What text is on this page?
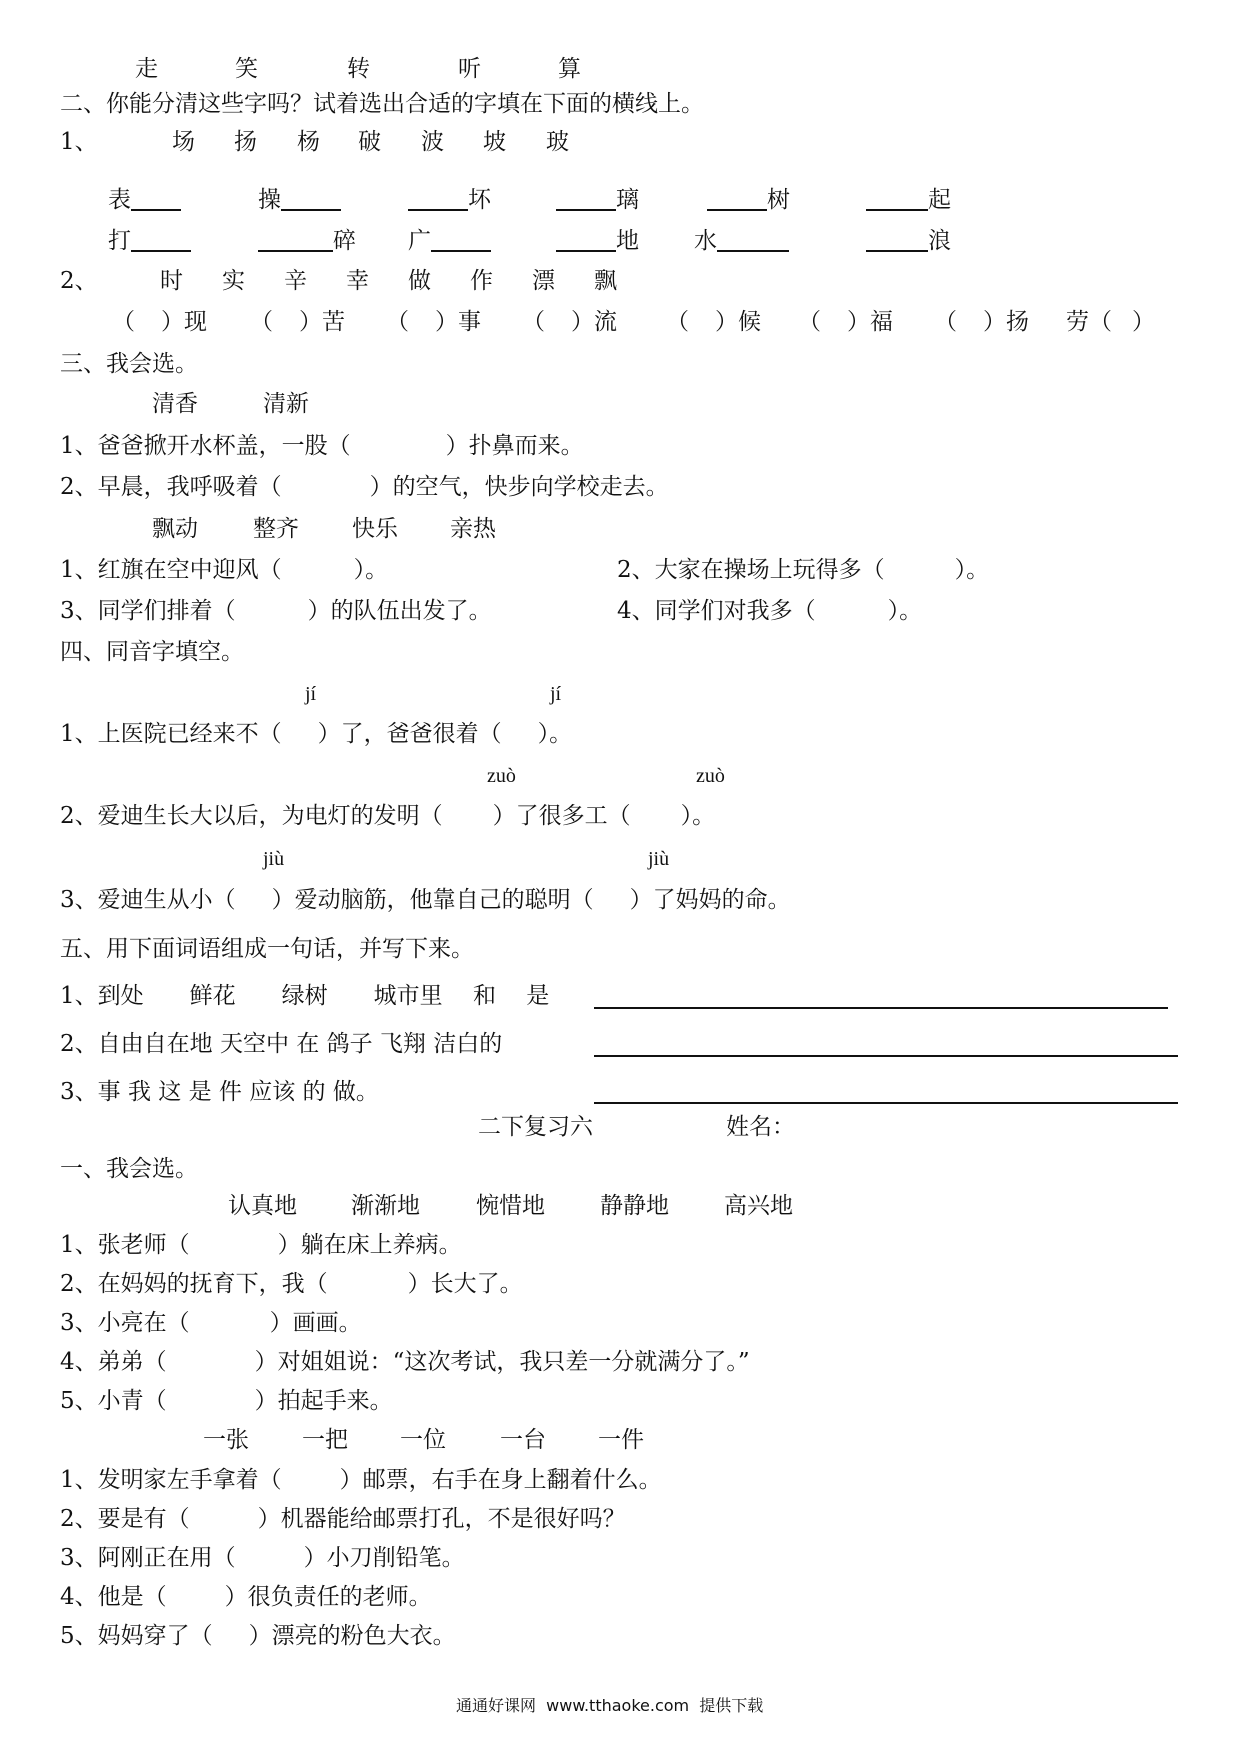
走	笑	转	听	算
二、你能分清这些字吗？试着选出合适的字填在下面的横线上。
1、	场 扬 杨 破 波 坡 玻
表	操	坏	璃	树	起
打	碎 广	地 水	浪
2、	时 实 辛 幸 做 作 漂 飘
（ ）现 （ ）苦 （ ）事 （ ）流 （ ）候 （ ）福 （ ）扬 劳（ ）
三、我会选。
清香	清新
1、爸爸掀开水杯盖，一股（	）扑鼻而来。
2、早晨，我呼吸着（	）的空气，快步向学校走去。
飘动 整齐 快乐 亲热
1、红旗在空中迎风（	）。	2、大家在操场上玩得多（	）。
3、同学们排着（	）的队伍出发了。	4、同学们对我多（	）。
四、同音字填空。
jí	jí
1、上医院已经来不（ ）了，爸爸很着（ ）。
zuò	zuò
2、爱迪生长大以后，为电灯的发明（ ）了很多工（ ）。
jiù	jiù
3、爱迪生从小（ ）爱动脑筋，他靠自己的聪明（ ）了妈妈的命。
五、用下面词语组成一句话，并写下来。
1、到处　　 鲜花　　 绿树　　 城市里　 和　 是
2、自由自在地 天空中 在 鸽子 飞翔 洁白的
3、事 我 这 是 件 应该 的 做。
二下复习六	姓名：
一、我会选。
认真地 渐渐地 惋惜地 静静地 高兴地
1、张老师（	）躺在床上养病。
2、在妈妈的抚育下，我（	）长大了。
3、小亮在（	）画画。
4、弟弟（	）对姐姐说：“这次考试，我只差一分就满分了。”
5、小青（	）拍起手来。
一张 一把 一位 一台 一件
1、发明家左手拿着（	）邮票，右手在身上翻着什么。
2、要是有（	）机器能给邮票打孔，不是很好吗？
3、阿刚正在用（	）小刀削铅笔。
4、他是（	）很负责任的老师。
5、妈妈穿了（ ）漂亮的粉色大衣。
通通好课网  www.tthaoke.com  提供下载
